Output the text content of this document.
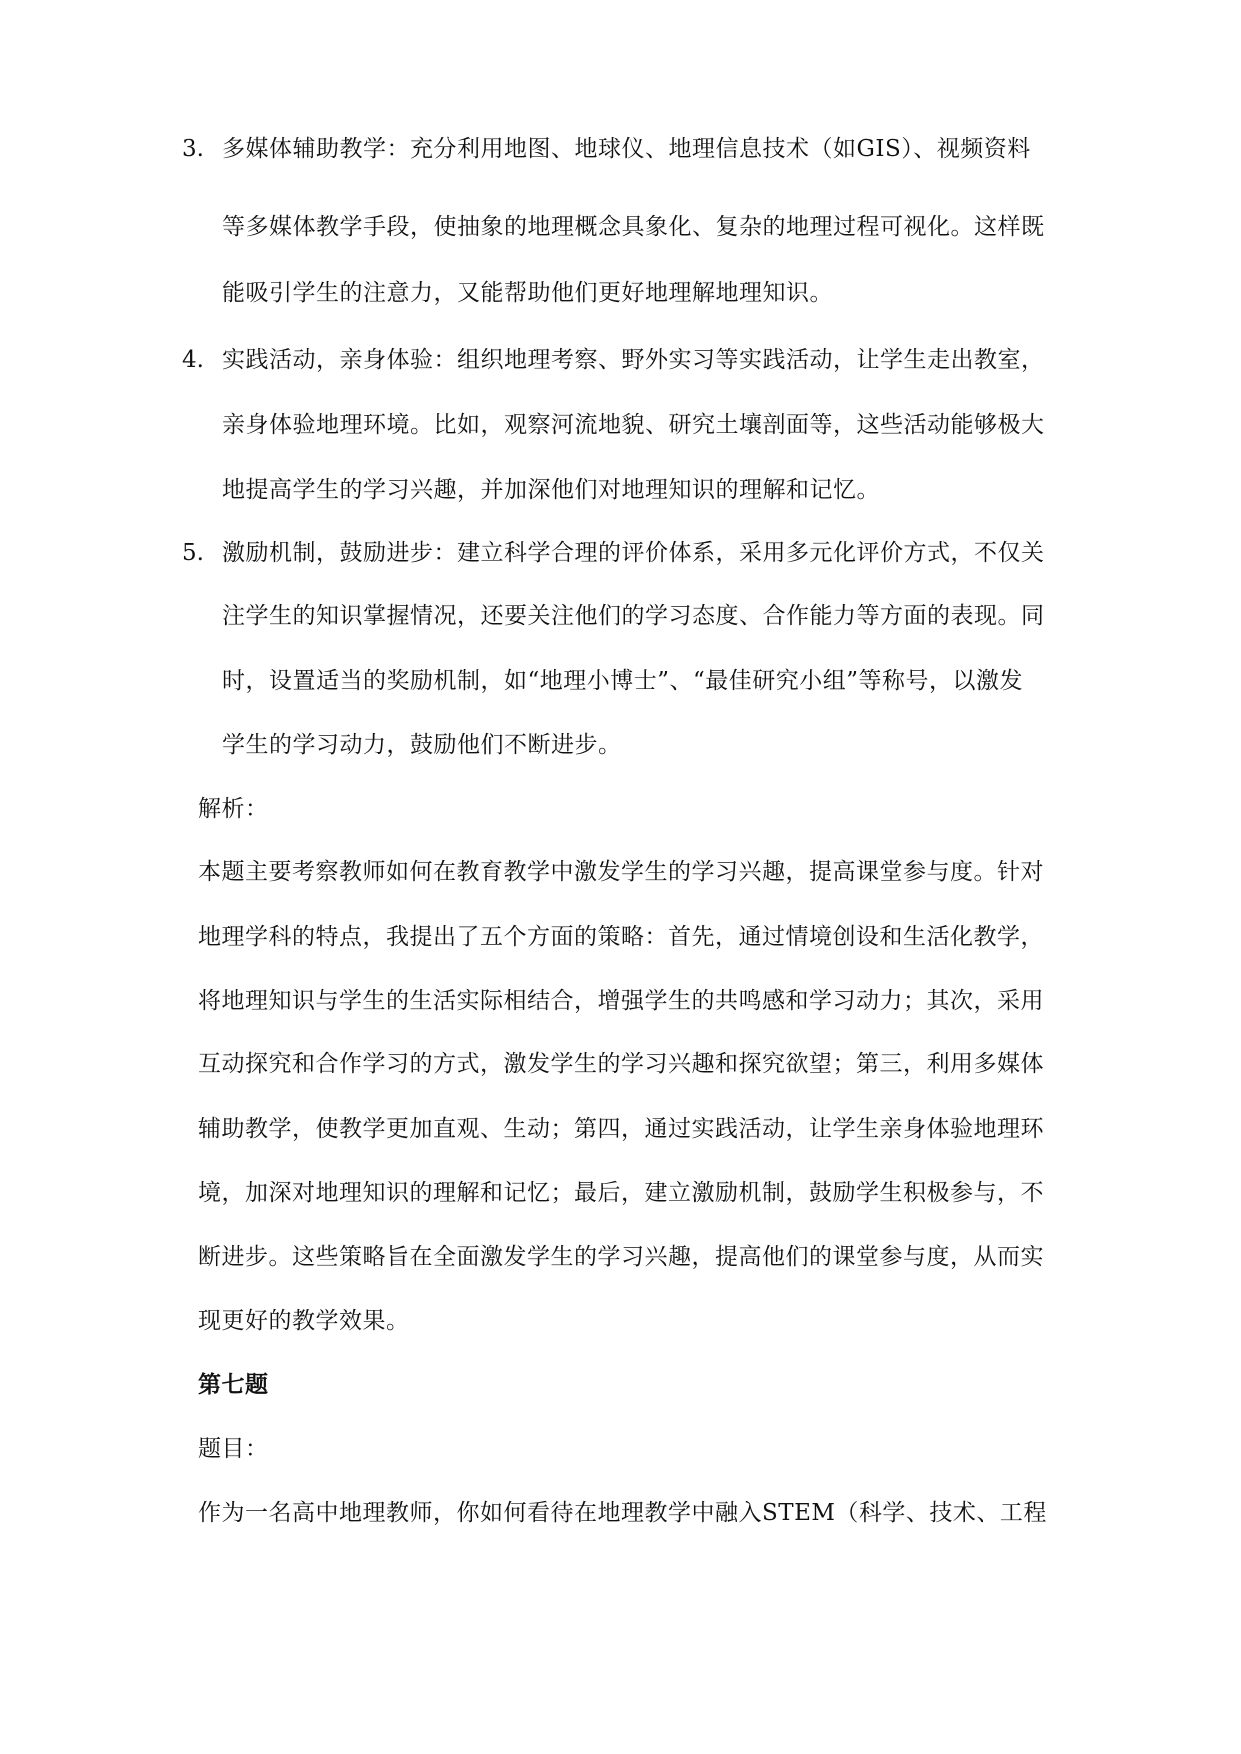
3. 多媒体辅助教学：充分利用地图、地球仪、地理信息技术（如GIS）、视频资料
等多媒体教学手段，使抽象的地理概念具象化、复杂的地理过程可视化。这样既
能吸引学生的注意力，又能帮助他们更好地理解地理知识。
4. 实践活动，亲身体验：组织地理考察、野外实习等实践活动，让学生走出教室，
亲身体验地理环境。比如，观察河流地貌、研究土壤剖面等，这些活动能够极大
地提高学生的学习兴趣，并加深他们对地理知识的理解和记忆。
5. 激励机制，鼓励进步：建立科学合理的评价体系，采用多元化评价方式，不仅关
注学生的知识掌握情况，还要关注他们的学习态度、合作能力等方面的表现。同
时，设置适当的奖励机制，如“地理小博士”、“最佳研究小组”等称号，以激发
学生的学习动力，鼓励他们不断进步。
解析：
本题主要考察教师如何在教育教学中激发学生的学习兴趣，提高课堂参与度。针对
地理学科的特点，我提出了五个方面的策略：首先，通过情境创设和生活化教学，
将地理知识与学生的生活实际相结合，增强学生的共鸣感和学习动力；其次，采用
互动探究和合作学习的方式，激发学生的学习兴趣和探究欲望；第三，利用多媒体
辅助教学，使教学更加直观、生动；第四，通过实践活动，让学生亲身体验地理环
境，加深对地理知识的理解和记忆；最后，建立激励机制，鼓励学生积极参与，不
断进步。这些策略旨在全面激发学生的学习兴趣，提高他们的课堂参与度，从而实
现更好的教学效果。
第七题
题目：
作为一名高中地理教师，你如何看待在地理教学中融入STEM（科学、技术、工程
